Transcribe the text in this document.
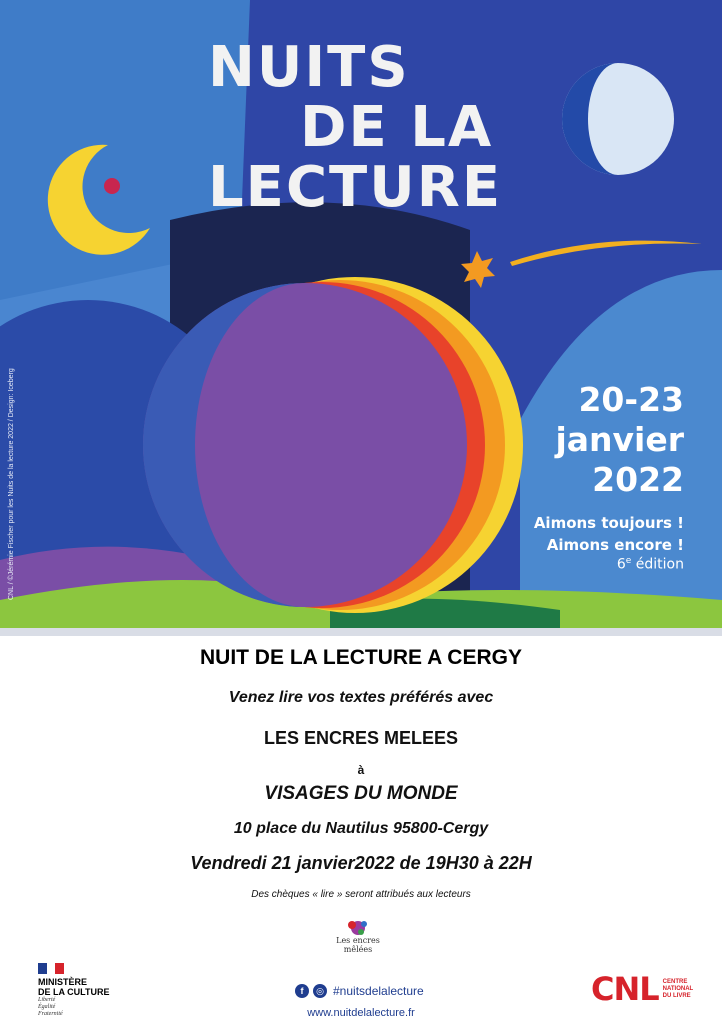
NUITS
DE LA
LECTURE
20-23
janvier
2022
Aimons toujours !
Aimons encore !
6e édition
CNL / ©Jérémie Fischer pour les Nuits de la lecture 2022 / Design: Iceberg
NUIT DE LA LECTURE A CERGY
Venez lire vos textes préférés avec
LES ENCRES MELEES
à
VISAGES DU MONDE
10 place du Nautilus 95800-Cergy
Vendredi 21 janvier2022 de 19H30 à 22H
Des chèques « lire » seront attribués aux lecteurs
Les encres
mêlées
MINISTÈRE
DE LA CULTURE
Liberté
Égalité
Fraternité
f	◎ #nuitsdelalecture
www.nuitdelalecture.fr
CNL CENTRE
NATIONAL
DU LIVRE
